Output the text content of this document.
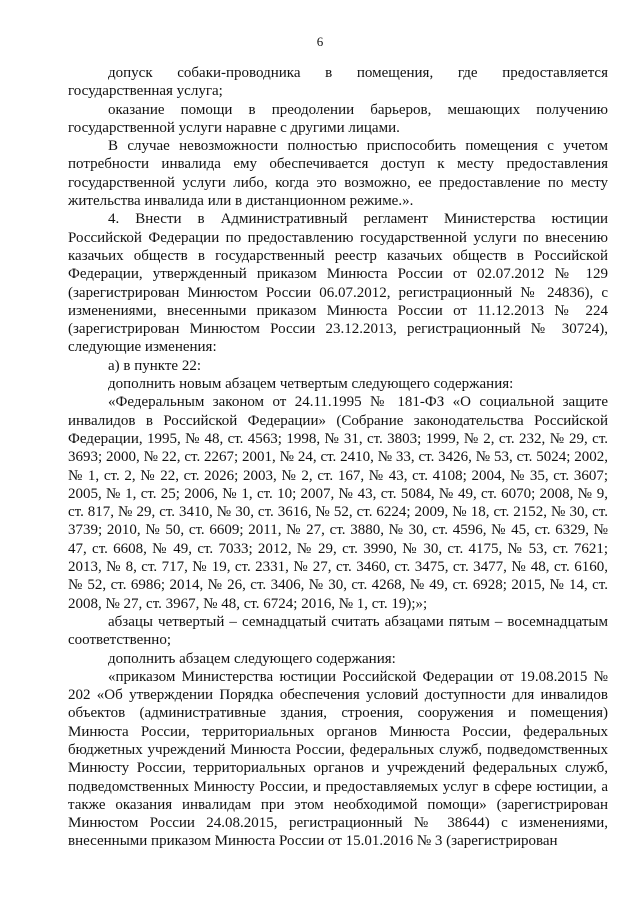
6

допуск собаки-проводника в помещения, где предоставляется государственная услуга;

оказание помощи в преодолении барьеров, мешающих получению государственной услуги наравне с другими лицами.

В случае невозможности полностью приспособить помещения с учетом потребности инвалида ему обеспечивается доступ к месту предоставления государственной услуги либо, когда это возможно, ее предоставление по месту жительства инвалида или в дистанционном режиме.».

4. Внести в Административный регламент Министерства юстиции Российской Федерации по предоставлению государственной услуги по внесению казачьих обществ в государственный реестр казачьих обществ в Российской Федерации, утвержденный приказом Минюста России от 02.07.2012 № 129 (зарегистрирован Минюстом России 06.07.2012, регистрационный № 24836), с изменениями, внесенными приказом Минюста России от 11.12.2013 № 224 (зарегистрирован Минюстом России 23.12.2013, регистрационный № 30724), следующие изменения:

а) в пункте 22:

дополнить новым абзацем четвертым следующего содержания:

«Федеральным законом от 24.11.1995 № 181-ФЗ «О социальной защите инвалидов в Российской Федерации» (Собрание законодательства Российской Федерации, 1995, № 48, ст. 4563; 1998, № 31, ст. 3803; 1999, № 2, ст. 232, № 29, ст. 3693; 2000, № 22, ст. 2267; 2001, № 24, ст. 2410, № 33, ст. 3426, № 53, ст. 5024; 2002, № 1, ст. 2, № 22, ст. 2026; 2003, № 2, ст. 167, № 43, ст. 4108; 2004, № 35, ст. 3607; 2005, № 1, ст. 25; 2006, № 1, ст. 10; 2007, № 43, ст. 5084, № 49, ст. 6070; 2008, № 9, ст. 817, № 29, ст. 3410, № 30, ст. 3616, № 52, ст. 6224; 2009, № 18, ст. 2152, № 30, ст. 3739; 2010, № 50, ст. 6609; 2011, № 27, ст. 3880, № 30, ст. 4596, № 45, ст. 6329, № 47, ст. 6608, № 49, ст. 7033; 2012, № 29, ст. 3990, № 30, ст. 4175, № 53, ст. 7621; 2013, № 8, ст. 717, № 19, ст. 2331, № 27, ст. 3460, ст. 3475, ст. 3477, № 48, ст. 6160, № 52, ст. 6986; 2014, № 26, ст. 3406, № 30, ст. 4268, № 49, ст. 6928; 2015, № 14, ст. 2008, № 27, ст. 3967, № 48, ст. 6724; 2016, № 1, ст. 19);»;

абзацы четвертый – семнадцатый считать абзацами пятым – восемнадцатым соответственно;

дополнить абзацем следующего содержания:

«приказом Министерства юстиции Российской Федерации от 19.08.2015 № 202 «Об утверждении Порядка обеспечения условий доступности для инвалидов объектов (административные здания, строения, сооружения и помещения) Минюста России, территориальных органов Минюста России, федеральных бюджетных учреждений Минюста России, федеральных служб, подведомственных Минюсту России, территориальных органов и учреждений федеральных служб, подведомственных Минюсту России, и предоставляемых услуг в сфере юстиции, а также оказания инвалидам при этом необходимой помощи» (зарегистрирован Минюстом России 24.08.2015, регистрационный № 38644) с изменениями, внесенными приказом Минюста России от 15.01.2016 № 3 (зарегистрирован
